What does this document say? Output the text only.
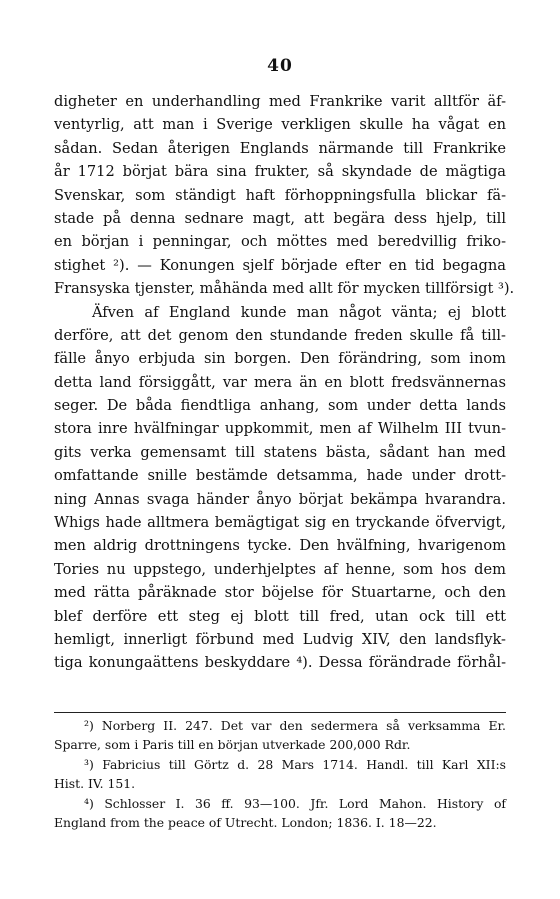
40
digheter en underhandling med Frankrike varit alltför äf-
ventyrlig, att man i Sverige verkligen skulle ha vågat en
sådan. Sedan återigen Englands närmande till Frankrike
år 1712 börjat bära sina frukter, så skyndade de mägtiga
Svenskar, som ständigt haft förhoppningsfulla blickar fä-
stade på denna sednare magt, att begära dess hjelp, till
en början i penningar, och möttes med beredvillig friko-
stighet ²). — Konungen sjelf började efter en tid begagna
Fransyska tjenster, måhända med allt för mycken tillförsigt ³).
Äfven af England kunde man något vänta; ej blott
derföre, att det genom den stundande freden skulle få till-
fälle ånyo erbjuda sin borgen. Den förändring, som inom
detta land försiggått, var mera än en blott fredsvännernas
seger. De båda fiendtliga anhang, som under detta lands
stora inre hvälfningar uppkommit, men af Wilhelm III tvun-
gits verka gemensamt till statens bästa, sådant han med
omfattande snille bestämde detsamma, hade under drott-
ning Annas svaga händer ånyo börjat bekämpa hvarandra.
Whigs hade alltmera bemägtigat sig en tryckande öfvervigt,
men aldrig drottningens tycke. Den hvälfning, hvarigenom
Tories nu uppstego, underhjelptes af henne, som hos dem
med rätta påräknade stor böjelse för Stuartarne, och den
blef derföre ett steg ej blott till fred, utan ock till ett
hemligt, innerligt förbund med Ludvig XIV, den landsflyk-
tiga konungaättens beskyddare ⁴). Dessa förändrade förhål-
²) Norberg II. 247. Det var den sedermera så verksamma Er.
Sparre, som i Paris till en början utverkade 200,000 Rdr.
³) Fabricius till Görtz d. 28 Mars 1714. Handl. till Karl XII:s
Hist. IV. 151.
⁴) Schlosser I. 36 ff. 93—100. Jfr. Lord Mahon. History of
England from the peace of Utrecht. London; 1836. I. 18—22.
